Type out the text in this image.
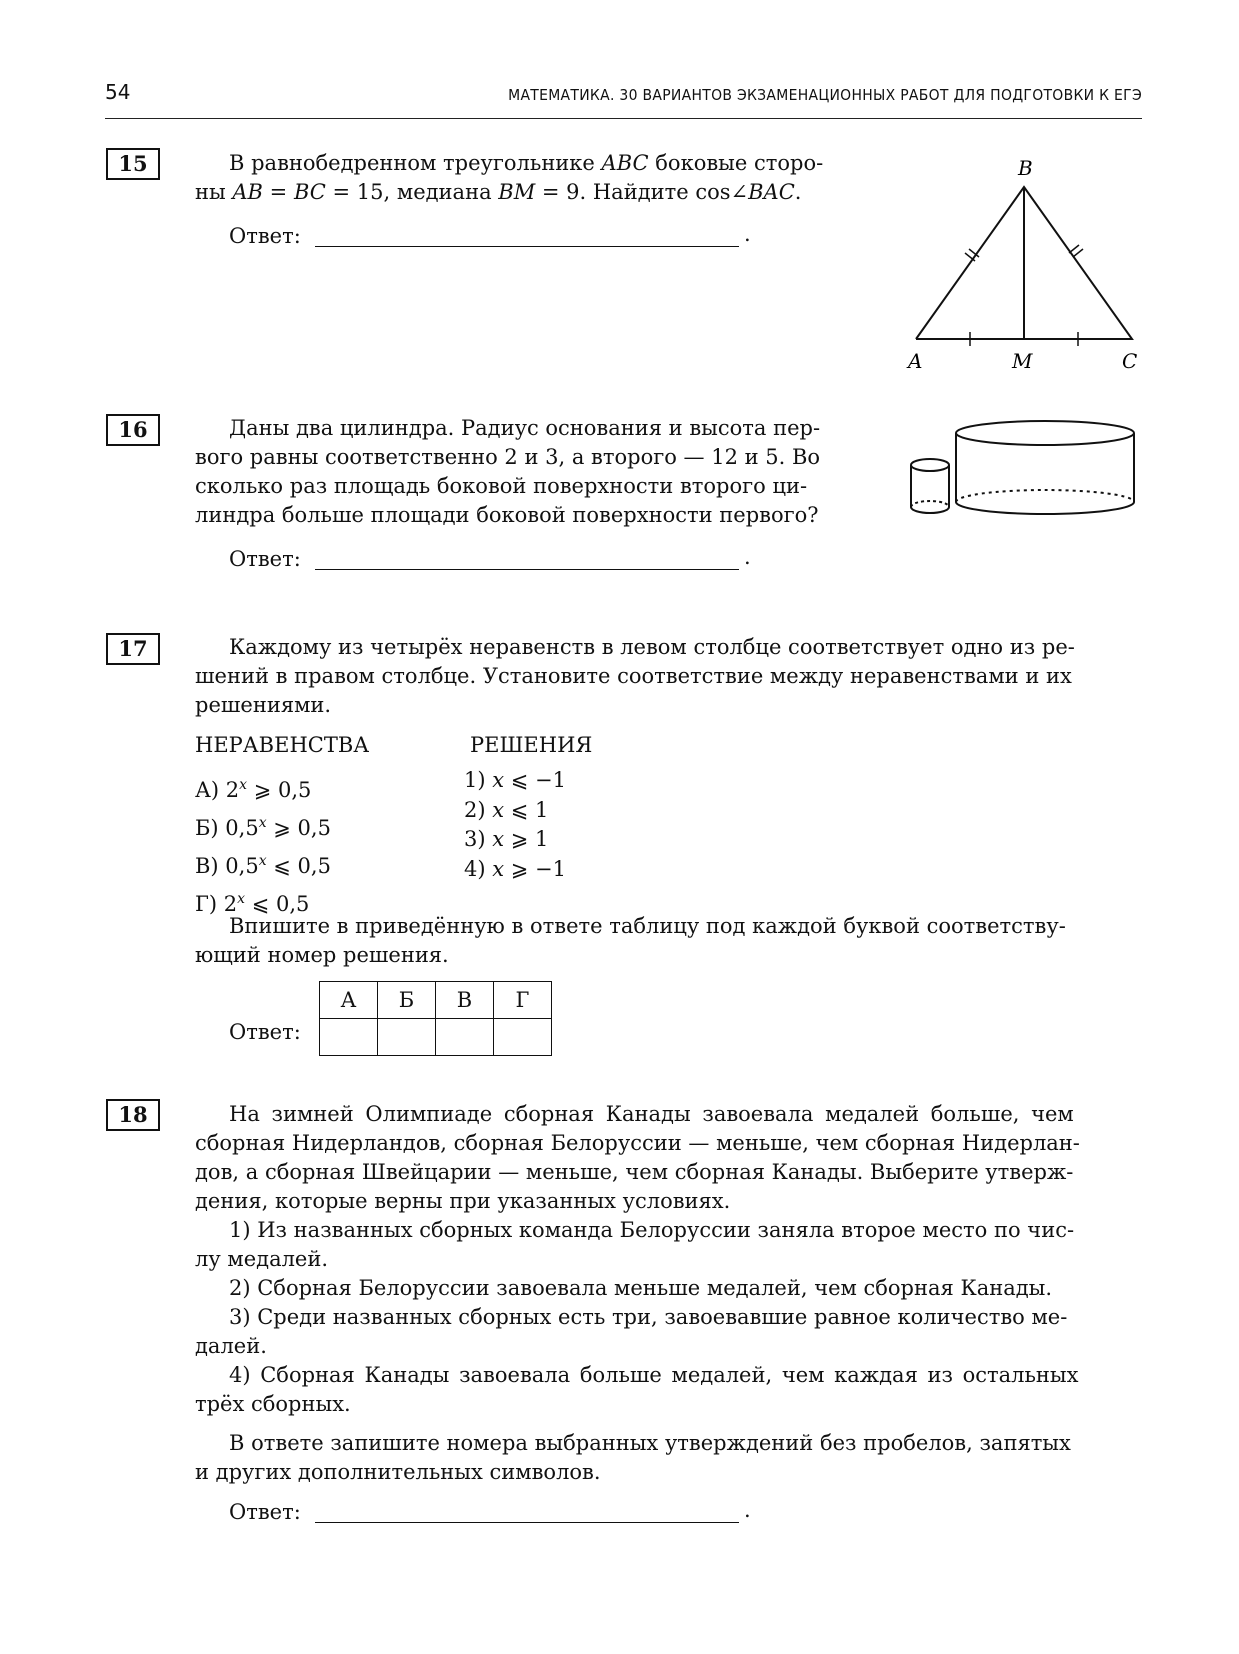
54	МАТЕМАТИКА. 30 ВАРИАНТОВ ЭКЗАМЕНАЦИОННЫХ РАБОТ ДЛЯ ПОДГОТОВКИ К ЕГЭ
15	В равнобедренном треугольнике ABC боковые сторо-
ны AB = BC = 15, медиана BM = 9. Найдите cos∠BAC.
Ответ:	.
B
A	M	C
16	Даны два цилиндра. Радиус основания и высота пер-
вого равны соответственно 2 и 3, а второго — 12 и 5. Во
сколько раз площадь боковой поверхности второго ци-
линдра больше площади боковой поверхности первого?
Ответ:	.
17	Каждому из четырёх неравенств в левом столбце соответствует одно из ре-
шений в правом столбце. Установите соответствие между неравенствами и их
решениями.
НЕРАВЕНСТВА	РЕШЕНИЯ
А) 2$^x$ ⩾ 0,5
Б) 0,5$^x$ ⩾ 0,5
В) 0,5$^x$ ⩽ 0,5
Г) 2$^x$ ⩽ 0,5
1) x ⩽ −1
2) x ⩽ 1
3) x ⩾ 1
4) x ⩾ −1
Впишите в приведённую в ответе таблицу под каждой буквой соответству-
ющий номер решения.
Ответ:
А	Б	В	Г

18	На зимней Олимпиаде сборная Канады завоевала медалей больше, чем
сборная Нидерландов, сборная Белоруссии — меньше, чем сборная Нидерлан-
дов, а сборная Швейцарии — меньше, чем сборная Канады. Выберите утверж-
дения, которые верны при указанных условиях.
1) Из названных сборных команда Белоруссии заняла второе место по чис-
лу медалей.
2) Сборная Белоруссии завоевала меньше медалей, чем сборная Канады.
3) Среди названных сборных есть три, завоевавшие равное количество ме-
далей.
4) Сборная Канады завоевала больше медалей, чем каждая из остальных
трёх сборных.
В ответе запишите номера выбранных утверждений без пробелов, запятых
и других дополнительных символов.
Ответ:	.
